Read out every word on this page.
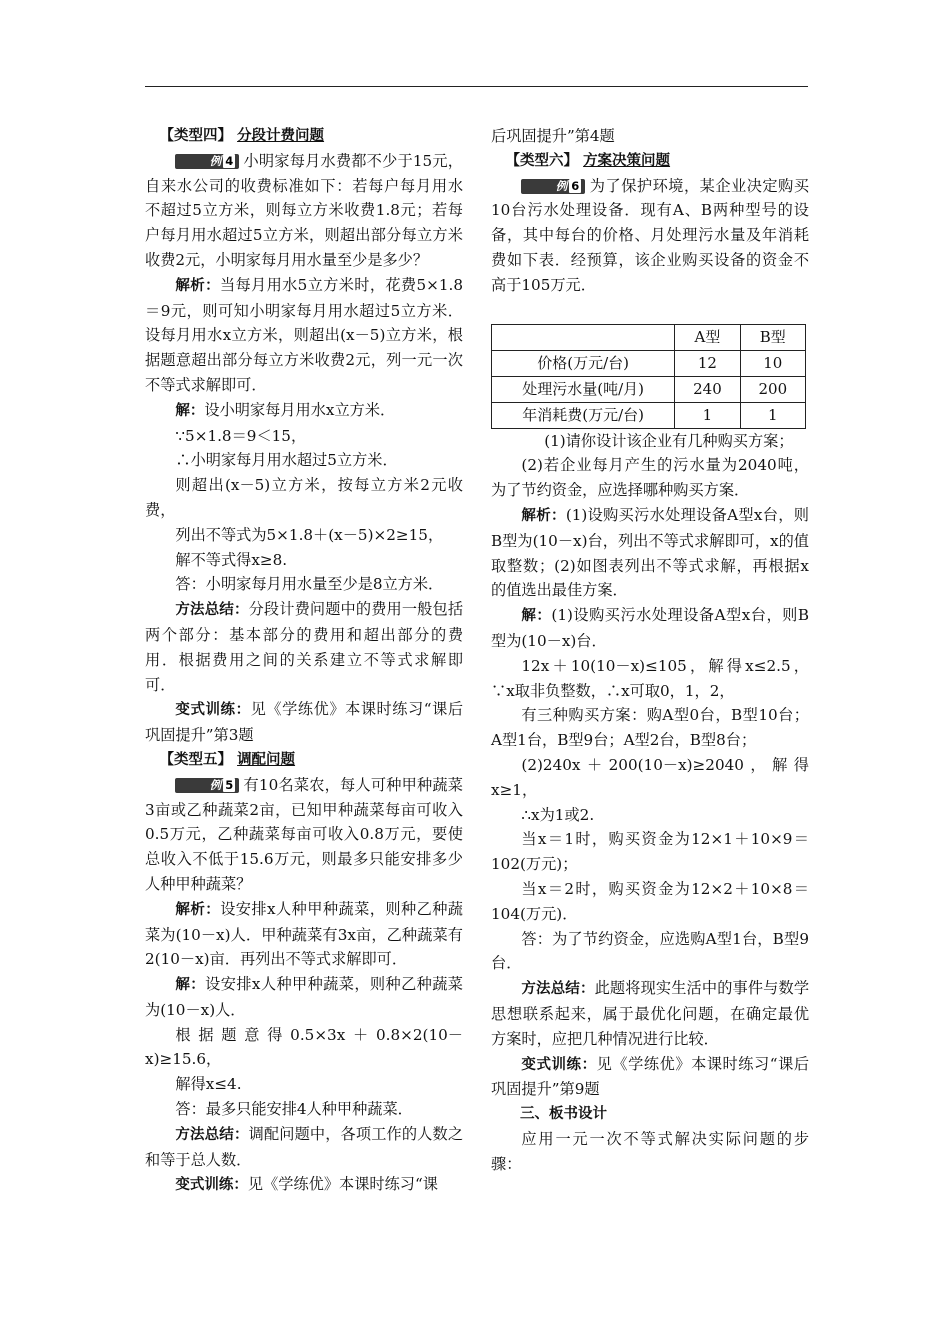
【类型四】 分段计费问题

例 4 小明家每月水费都不少于15元，自来水公司的收费标准如下：若每户每月用水不超过5立方米，则每立方米收费1.8元；若每户每月用水超过5立方米，则超出部分每立方米收费2元，小明家每月用水量至少是多少？

解析：当每月用水5立方米时，花费5×1.8＝9元，则可知小明家每月用水超过5立方米．设每月用水x立方米，则超出(x－5)立方米，根据题意超出部分每立方米收费2元，列一元一次不等式求解即可．

解：设小明家每月用水x立方米．

∵5×1.8＝9＜15，

∴小明家每月用水超过5立方米．

则超出(x－5)立方米，按每立方米2元收费，

列出不等式为5×1.8＋(x－5)×2≥15，

解不等式得x≥8.

答：小明家每月用水量至少是8立方米．

方法总结：分段计费问题中的费用一般包括两个部分：基本部分的费用和超出部分的费用．根据费用之间的关系建立不等式求解即可．

变式训练：见《学练优》本课时练习“课后巩固提升”第3题

【类型五】 调配问题

例 5 有10名菜农，每人可种甲种蔬菜3亩或乙种蔬菜2亩，已知甲种蔬菜每亩可收入0.5万元，乙种蔬菜每亩可收入0.8万元，要使总收入不低于15.6万元，则最多只能安排多少人种甲种蔬菜？

解析：设安排x人种甲种蔬菜，则种乙种蔬菜为(10－x)人．甲种蔬菜有3x亩，乙种蔬菜有2(10－x)亩．再列出不等式求解即可．

解：设安排x人种甲种蔬菜，则种乙种蔬菜为(10－x)人．

根据题意得0.5×3x＋0.8×2(10－x)≥15.6，

解得x≤4.

答：最多只能安排4人种甲种蔬菜．

方法总结：调配问题中，各项工作的人数之和等于总人数．

变式训练：见《学练优》本课时练习“课

后巩固提升”第4题

【类型六】 方案决策问题

例 6 为了保护环境，某企业决定购买10台污水处理设备．现有A、B两种型号的设备，其中每台的价格、月处理污水量及年消耗费如下表．经预算，该企业购买设备的资金不高于105万元．

	A型	B型
价格(万元/台)	12	10
处理污水量(吨/月)	240	200
年消耗费(万元/台)	1	1

(1)请你设计该企业有几种购买方案；

(2)若企业每月产生的污水量为2040吨，为了节约资金，应选择哪种购买方案．

解析：(1)设购买污水处理设备A型x台，则B型为(10－x)台，列出不等式求解即可，x的值取整数；(2)如图表列出不等式求解，再根据x的值选出最佳方案．

解：(1)设购买污水处理设备A型x台，则B型为(10－x)台．

12x＋10(10－x)≤105，解得x≤2.5，∵x取非负整数，∴x可取0，1，2，

有三种购买方案：购A型0台，B型10台；A型1台，B型9台；A型2台，B型8台；

(2)240x＋200(10－x)≥2040，解得x≥1，

∴x为1或2.

当x＝1时，购买资金为12×1＋10×9＝102(万元)；

当x＝2时，购买资金为12×2＋10×8＝104(万元)．

答：为了节约资金，应选购A型1台，B型9台．

方法总结：此题将现实生活中的事件与数学思想联系起来，属于最优化问题，在确定最优方案时，应把几种情况进行比较．

变式训练：见《学练优》本课时练习“课后巩固提升”第9题

三、板书设计

应用一元一次不等式解决实际问题的步骤：
